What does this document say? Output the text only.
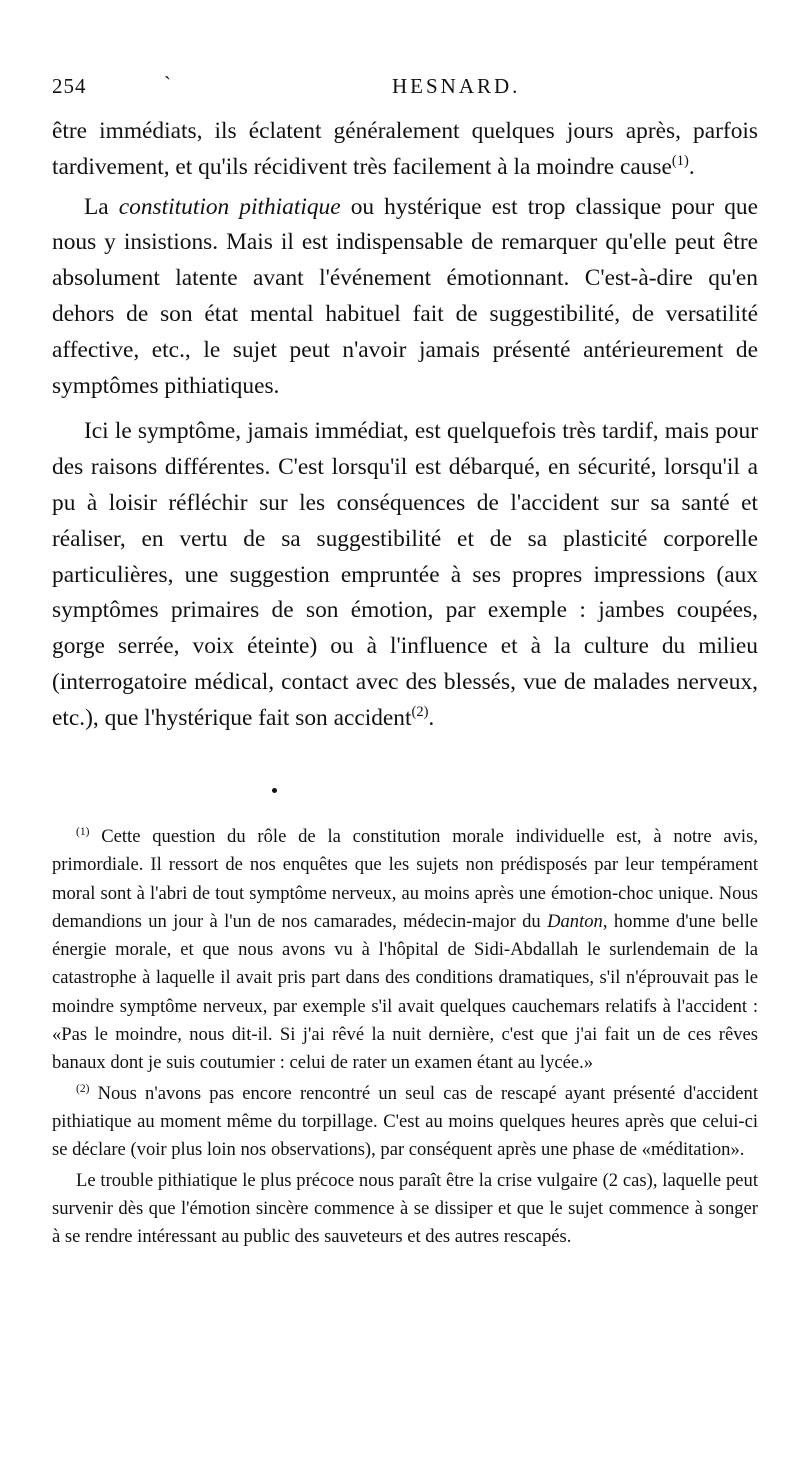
254	`	HESNARD.

être immédiats, ils éclatent généralement quelques jours après, parfois tardivement, et qu'ils récidivent très facilement à la moindre cause$^{(1)}$.

La constitution pithiatique ou hystérique est trop classique pour que nous y insistions. Mais il est indispensable de remarquer qu'elle peut être absolument latente avant l'événement émotionnant. C'est-à-dire qu'en dehors de son état mental habituel fait de suggestibilité, de versatilité affective, etc., le sujet peut n'avoir jamais présenté antérieurement de symptômes pithiatiques.

Ici le symptôme, jamais immédiat, est quelquefois très tardif, mais pour des raisons différentes. C'est lorsqu'il est débarqué, en sécurité, lorsqu'il a pu à loisir réfléchir sur les conséquences de l'accident sur sa santé et réaliser, en vertu de sa suggestibilité et de sa plasticité corporelle particulières, une suggestion empruntée à ses propres impressions (aux symptômes primaires de son émotion, par exemple : jambes coupées, gorge serrée, voix éteinte) ou à l'influence et à la culture du milieu (interrogatoire médical, contact avec des blessés, vue de malades nerveux, etc.), que l'hystérique fait son accident$^{(2)}$.

$^{(1)}$ Cette question du rôle de la constitution morale individuelle est, à notre avis, primordiale. Il ressort de nos enquêtes que les sujets non prédisposés par leur tempérament moral sont à l'abri de tout symptôme nerveux, au moins après une émotion-choc unique. Nous demandions un jour à l'un de nos camarades, médecin-major du Danton, homme d'une belle énergie morale, et que nous avons vu à l'hôpital de Sidi-Abdallah le surlendemain de la catastrophe à laquelle il avait pris part dans des conditions dramatiques, s'il n'éprouvait pas le moindre symptôme nerveux, par exemple s'il avait quelques cauchemars relatifs à l'accident : «Pas le moindre, nous dit-il. Si j'ai rêvé la nuit dernière, c'est que j'ai fait un de ces rêves banaux dont je suis coutumier : celui de rater un examen étant au lycée.»

$^{(2)}$ Nous n'avons pas encore rencontré un seul cas de rescapé ayant présenté d'accident pithiatique au moment même du torpillage. C'est au moins quelques heures après que celui-ci se déclare (voir plus loin nos observations), par conséquent après une phase de «méditation».

Le trouble pithiatique le plus précoce nous paraît être la crise vulgaire (2 cas), laquelle peut survenir dès que l'émotion sincère commence à se dissiper et que le sujet commence à songer à se rendre intéressant au public des sauveteurs et des autres rescapés.
